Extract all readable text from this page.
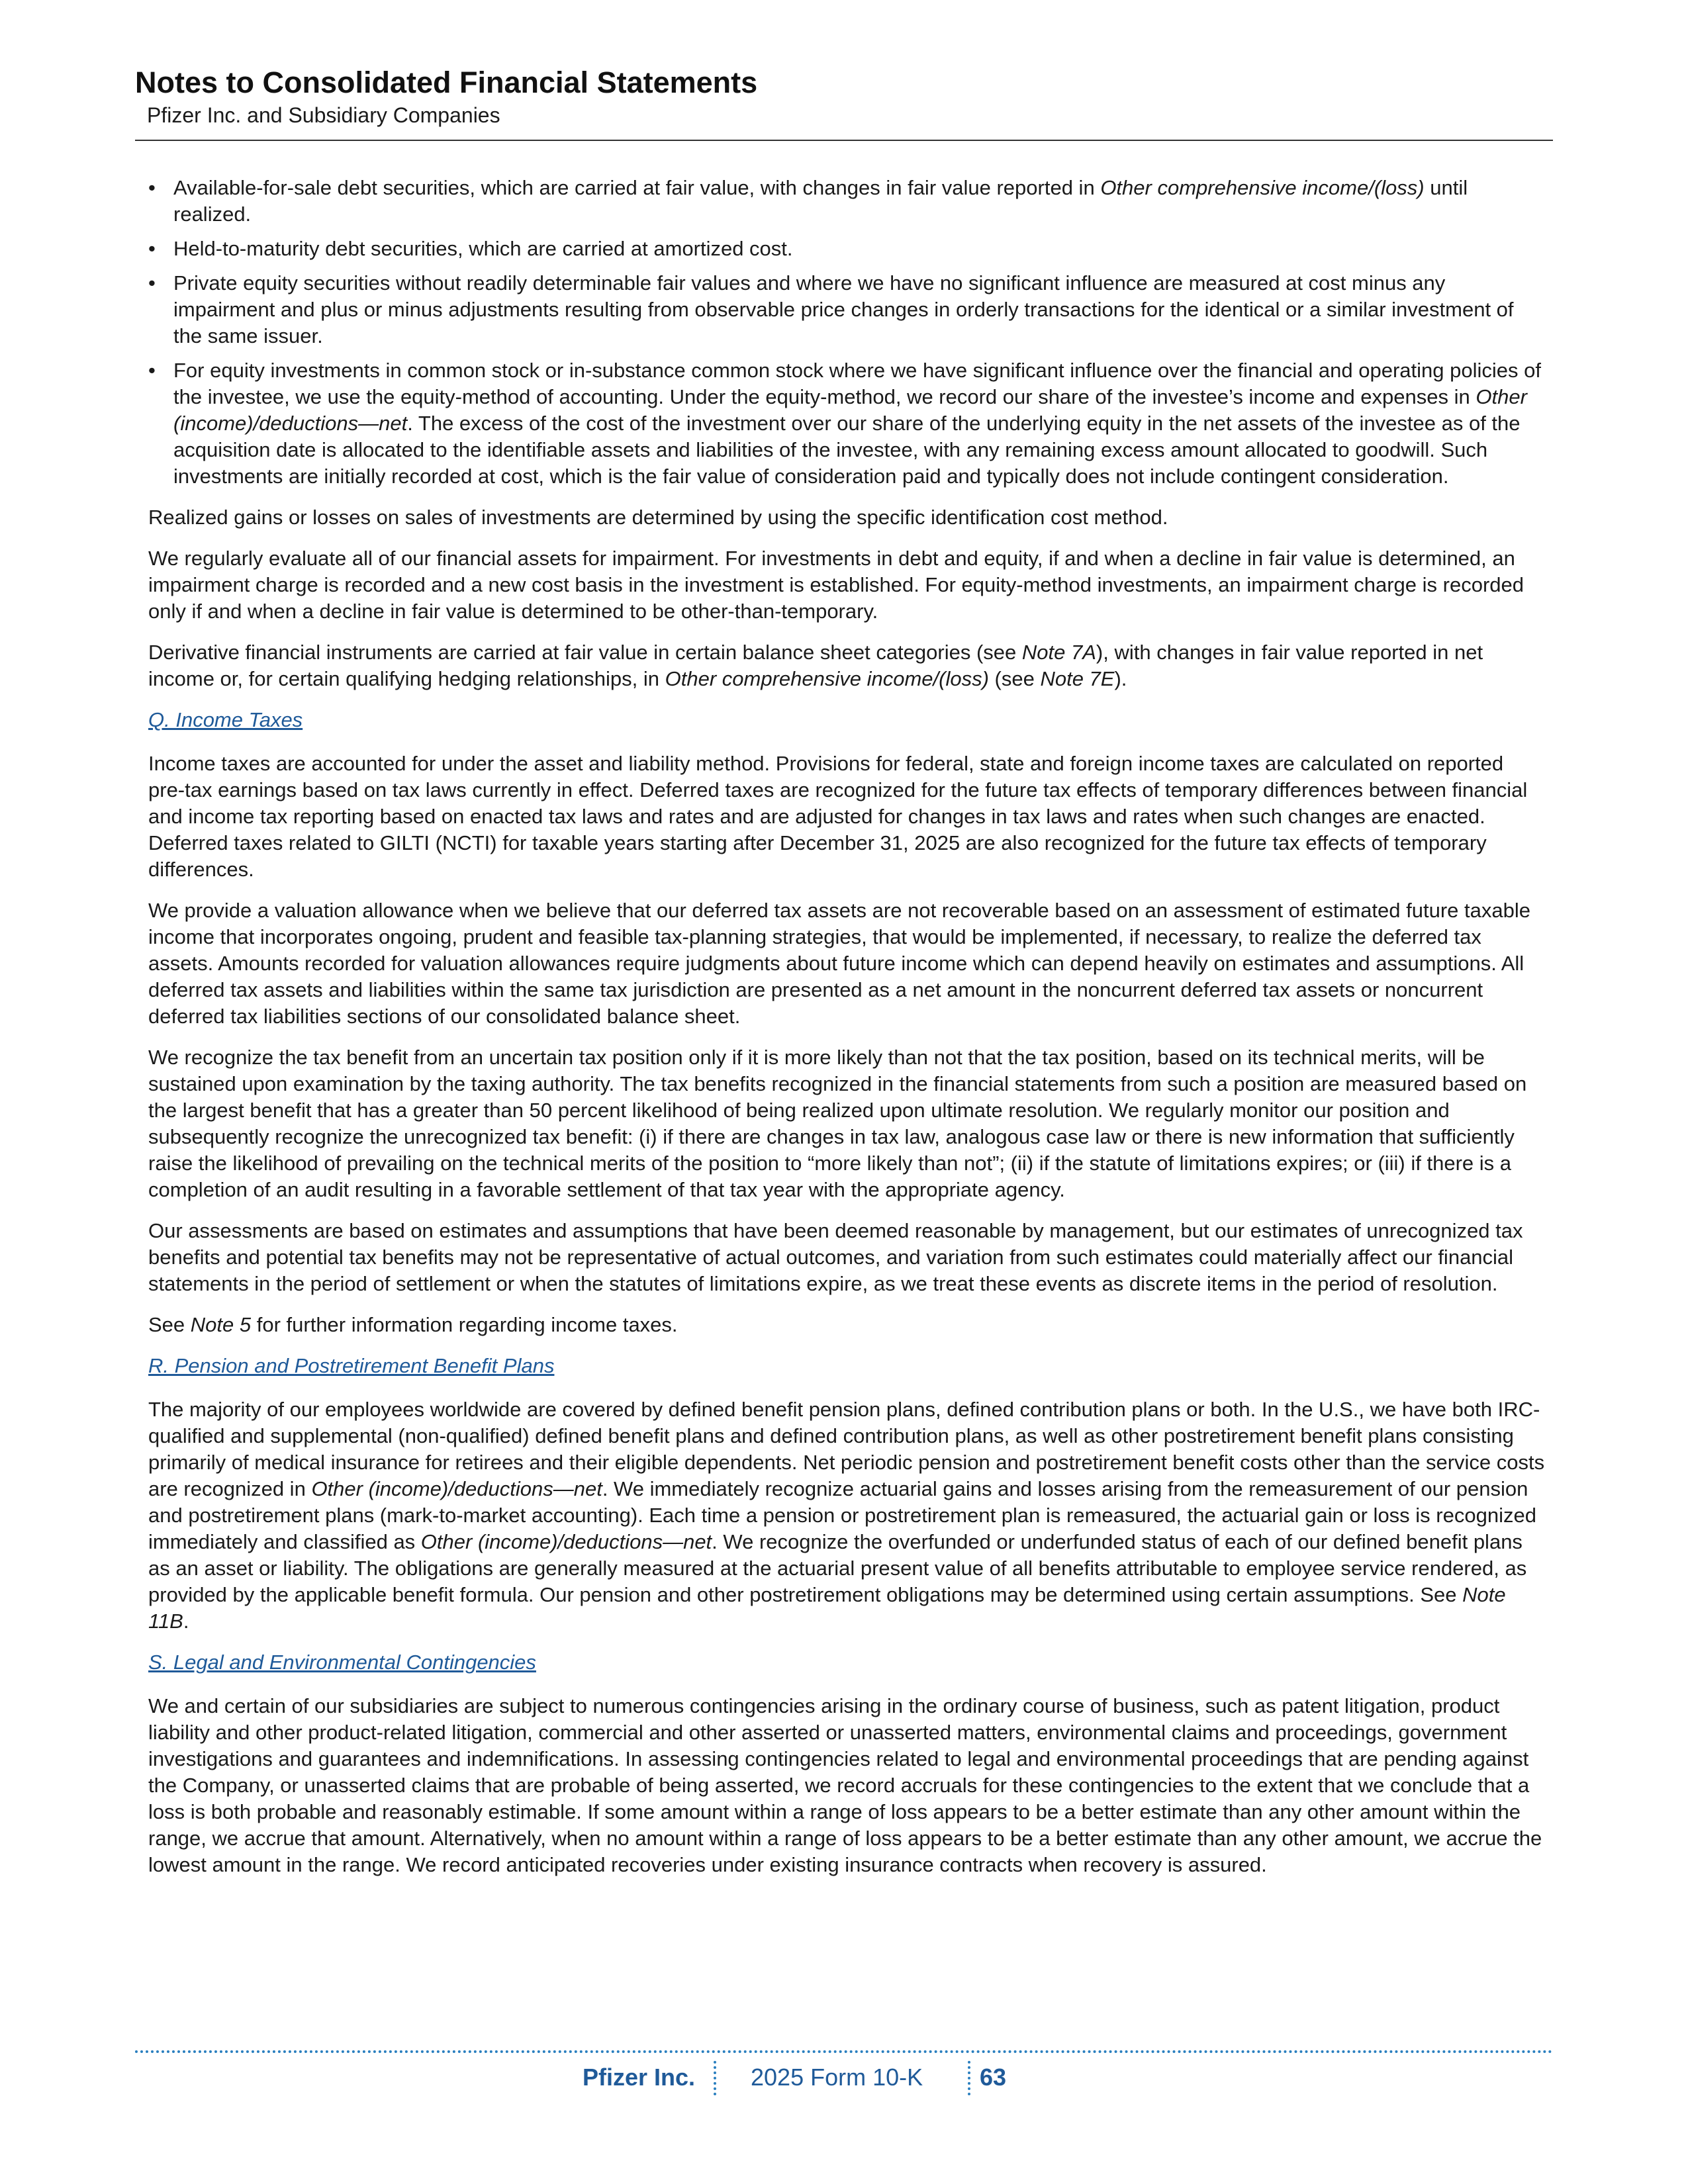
Notes to Consolidated Financial Statements
Pfizer Inc. and Subsidiary Companies
• Available-for-sale debt securities, which are carried at fair value, with changes in fair value reported in Other comprehensive income/(loss) until realized.
• Held-to-maturity debt securities, which are carried at amortized cost.
• Private equity securities without readily determinable fair values and where we have no significant influence are measured at cost minus any impairment and plus or minus adjustments resulting from observable price changes in orderly transactions for the identical or a similar investment of the same issuer.
• For equity investments in common stock or in-substance common stock where we have significant influence over the financial and operating policies of the investee, we use the equity-method of accounting. Under the equity-method, we record our share of the investee’s income and expenses in Other (income)/deductions—net. The excess of the cost of the investment over our share of the underlying equity in the net assets of the investee as of the acquisition date is allocated to the identifiable assets and liabilities of the investee, with any remaining excess amount allocated to goodwill. Such investments are initially recorded at cost, which is the fair value of consideration paid and typically does not include contingent consideration.

Realized gains or losses on sales of investments are determined by using the specific identification cost method.

We regularly evaluate all of our financial assets for impairment. For investments in debt and equity, if and when a decline in fair value is determined, an impairment charge is recorded and a new cost basis in the investment is established. For equity-method investments, an impairment charge is recorded only if and when a decline in fair value is determined to be other-than-temporary.

Derivative financial instruments are carried at fair value in certain balance sheet categories (see Note 7A), with changes in fair value reported in net income or, for certain qualifying hedging relationships, in Other comprehensive income/(loss) (see Note 7E).

Q. Income Taxes

Income taxes are accounted for under the asset and liability method. Provisions for federal, state and foreign income taxes are calculated on reported pre-tax earnings based on tax laws currently in effect. Deferred taxes are recognized for the future tax effects of temporary differences between financial and income tax reporting based on enacted tax laws and rates and are adjusted for changes in tax laws and rates when such changes are enacted. Deferred taxes related to GILTI (NCTI) for taxable years starting after December 31, 2025 are also recognized for the future tax effects of temporary differences.

We provide a valuation allowance when we believe that our deferred tax assets are not recoverable based on an assessment of estimated future taxable income that incorporates ongoing, prudent and feasible tax-planning strategies, that would be implemented, if necessary, to realize the deferred tax assets. Amounts recorded for valuation allowances require judgments about future income which can depend heavily on estimates and assumptions. All deferred tax assets and liabilities within the same tax jurisdiction are presented as a net amount in the noncurrent deferred tax assets or noncurrent deferred tax liabilities sections of our consolidated balance sheet.

We recognize the tax benefit from an uncertain tax position only if it is more likely than not that the tax position, based on its technical merits, will be sustained upon examination by the taxing authority. The tax benefits recognized in the financial statements from such a position are measured based on the largest benefit that has a greater than 50 percent likelihood of being realized upon ultimate resolution. We regularly monitor our position and subsequently recognize the unrecognized tax benefit: (i) if there are changes in tax law, analogous case law or there is new information that sufficiently raise the likelihood of prevailing on the technical merits of the position to “more likely than not”; (ii) if the statute of limitations expires; or (iii) if there is a completion of an audit resulting in a favorable settlement of that tax year with the appropriate agency.

Our assessments are based on estimates and assumptions that have been deemed reasonable by management, but our estimates of unrecognized tax benefits and potential tax benefits may not be representative of actual outcomes, and variation from such estimates could materially affect our financial statements in the period of settlement or when the statutes of limitations expire, as we treat these events as discrete items in the period of resolution.

See Note 5 for further information regarding income taxes.

R. Pension and Postretirement Benefit Plans

The majority of our employees worldwide are covered by defined benefit pension plans, defined contribution plans or both. In the U.S., we have both IRC-qualified and supplemental (non-qualified) defined benefit plans and defined contribution plans, as well as other postretirement benefit plans consisting primarily of medical insurance for retirees and their eligible dependents. Net periodic pension and postretirement benefit costs other than the service costs are recognized in Other (income)/deductions—net. We immediately recognize actuarial gains and losses arising from the remeasurement of our pension and postretirement plans (mark-to-market accounting). Each time a pension or postretirement plan is remeasured, the actuarial gain or loss is recognized immediately and classified as Other (income)/deductions—net. We recognize the overfunded or underfunded status of each of our defined benefit plans as an asset or liability. The obligations are generally measured at the actuarial present value of all benefits attributable to employee service rendered, as provided by the applicable benefit formula. Our pension and other postretirement obligations may be determined using certain assumptions. See Note 11B.

S. Legal and Environmental Contingencies

We and certain of our subsidiaries are subject to numerous contingencies arising in the ordinary course of business, such as patent litigation, product liability and other product-related litigation, commercial and other asserted or unasserted matters, environmental claims and proceedings, government investigations and guarantees and indemnifications. In assessing contingencies related to legal and environmental proceedings that are pending against the Company, or unasserted claims that are probable of being asserted, we record accruals for these contingencies to the extent that we conclude that a loss is both probable and reasonably estimable. If some amount within a range of loss appears to be a better estimate than any other amount within the range, we accrue that amount. Alternatively, when no amount within a range of loss appears to be a better estimate than any other amount, we accrue the lowest amount in the range. We record anticipated recoveries under existing insurance contracts when recovery is assured.

Pfizer Inc. 2025 Form 10-K 63
